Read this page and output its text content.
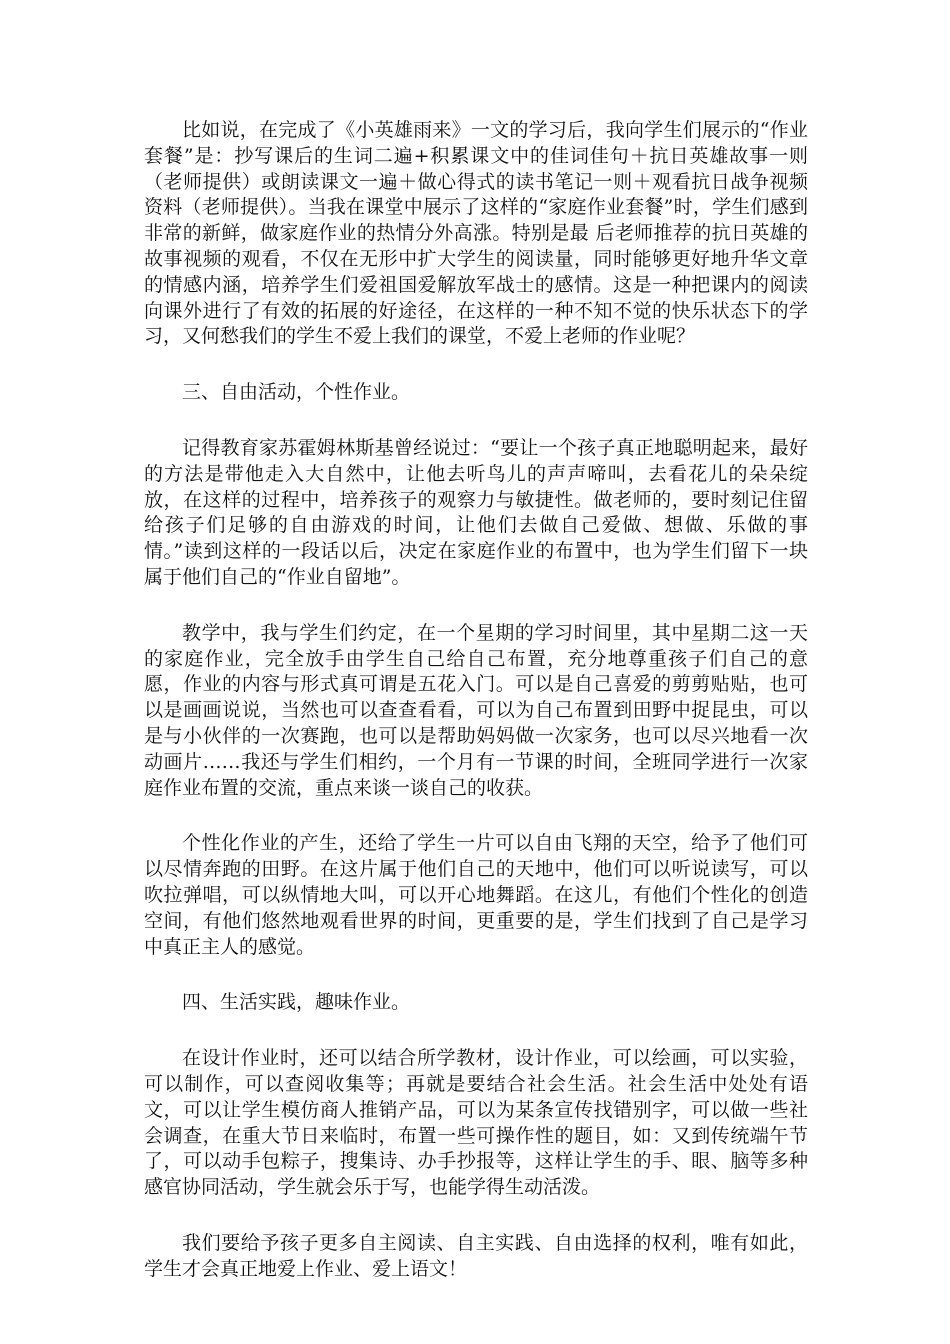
比如说，在完成了《小英雄雨来》一文的学习后，我向学生们展示的“作业套餐”是：抄写课后的生词二遍+积累课文中的佳词佳句＋抗日英雄故事一则（老师提供）或朗读课文一遍＋做心得式的读书笔记一则＋观看抗日战争视频资料（老师提供）。当我在课堂中展示了这样的“家庭作业套餐”时，学生们感到非常的新鲜，做家庭作业的热情分外高涨。特别是最 后老师推荐的抗日英雄的故事视频的观看，不仅在无形中扩大学生的阅读量，同时能够更好地升华文章的情感内涵，培养学生们爱祖国爱解放军战士的感情。这是一种把课内的阅读向课外进行了有效的拓展的好途径，在这样的一种不知不觉的快乐状态下的学习，又何愁我们的学生不爱上我们的课堂，不爱上老师的作业呢？

三、自由活动，个性作业。

记得教育家苏霍姆林斯基曾经说过：“要让一个孩子真正地聪明起来，最好的方法是带他走入大自然中，让他去听鸟儿的声声啼叫，去看花儿的朵朵绽放，在这样的过程中，培养孩子的观察力与敏捷性。做老师的，要时刻记住留给孩子们足够的自由游戏的时间，让他们去做自己爱做、想做、乐做的事情。”读到这样的一段话以后，决定在家庭作业的布置中，也为学生们留下一块属于他们自己的“作业自留地”。

教学中，我与学生们约定，在一个星期的学习时间里，其中星期二这一天的家庭作业，完全放手由学生自己给自己布置，充分地尊重孩子们自己的意愿，作业的内容与形式真可谓是五花入门。可以是自己喜爱的剪剪贴贴，也可以是画画说说，当然也可以查查看看，可以为自己布置到田野中捉昆虫，可以是与小伙伴的一次赛跑，也可以是帮助妈妈做一次家务，也可以尽兴地看一次动画片……我还与学生们相约，一个月有一节课的时间，全班同学进行一次家庭作业布置的交流，重点来谈一谈自己的收获。

个性化作业的产生，还给了学生一片可以自由飞翔的天空，给予了他们可以尽情奔跑的田野。在这片属于他们自己的天地中，他们可以听说读写，可以吹拉弹唱，可以纵情地大叫，可以开心地舞蹈。在这儿，有他们个性化的创造空间，有他们悠然地观看世界的时间，更重要的是，学生们找到了自己是学习中真正主人的感觉。

四、生活实践，趣味作业。

在设计作业时，还可以结合所学教材，设计作业，可以绘画，可以实验，可以制作，可以查阅收集等；再就是要结合社会生活。社会生活中处处有语文，可以让学生模仿商人推销产品，可以为某条宣传找错别字，可以做一些社会调查，在重大节日来临时，布置一些可操作性的题目，如：又到传统端午节了，可以动手包粽子，搜集诗、办手抄报等，这样让学生的手、眼、脑等多种感官协同活动，学生就会乐于写，也能学得生动活泼。

我们要给予孩子更多自主阅读、自主实践、自由选择的权利，唯有如此，学生才会真正地爱上作业、爱上语文！
